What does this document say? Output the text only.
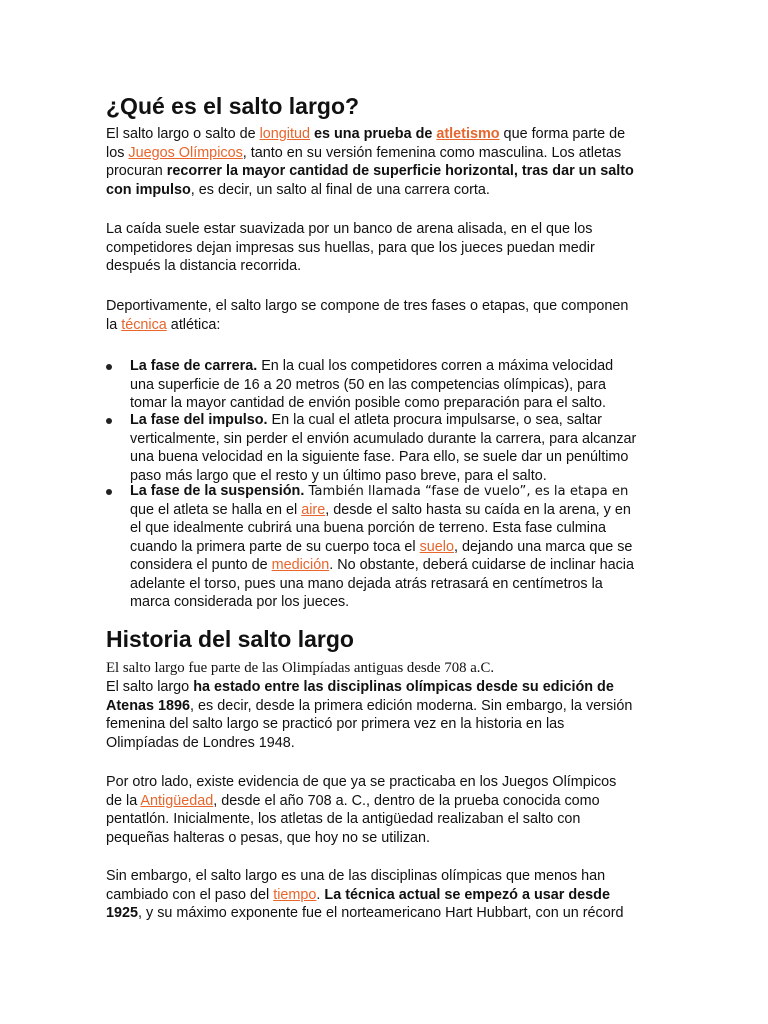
¿Qué es el salto largo?
El salto largo o salto de longitud es una prueba de atletismo que forma parte de
los Juegos Olímpicos, tanto en su versión femenina como masculina. Los atletas
procuran recorrer la mayor cantidad de superficie horizontal, tras dar un salto
con impulso, es decir, un salto al final de una carrera corta.
La caída suele estar suavizada por un banco de arena alisada, en el que los
competidores dejan impresas sus huellas, para que los jueces puedan medir
después la distancia recorrida.
Deportivamente, el salto largo se compone de tres fases o etapas, que componen
la técnica atlética:
La fase de carrera. En la cual los competidores corren a máxima velocidad
una superficie de 16 a 20 metros (50 en las competencias olímpicas), para
tomar la mayor cantidad de envión posible como preparación para el salto.
La fase del impulso. En la cual el atleta procura impulsarse, o sea, saltar
verticalmente, sin perder el envión acumulado durante la carrera, para alcanzar
una buena velocidad en la siguiente fase. Para ello, se suele dar un penúltimo
paso más largo que el resto y un último paso breve, para el salto.
La fase de la suspensión. También llamada “fase de vuelo”, es la etapa en
que el atleta se halla en el aire, desde el salto hasta su caída en la arena, y en
el que idealmente cubrirá una buena porción de terreno. Esta fase culmina
cuando la primera parte de su cuerpo toca el suelo, dejando una marca que se
considera el punto de medición. No obstante, deberá cuidarse de inclinar hacia
adelante el torso, pues una mano dejada atrás retrasará en centímetros la
marca considerada por los jueces.
Historia del salto largo
El salto largo fue parte de las Olimpíadas antiguas desde 708 a.C.
El salto largo ha estado entre las disciplinas olímpicas desde su edición de
Atenas 1896, es decir, desde la primera edición moderna. Sin embargo, la versión
femenina del salto largo se practicó por primera vez en la historia en las
Olimpíadas de Londres 1948.
Por otro lado, existe evidencia de que ya se practicaba en los Juegos Olímpicos
de la Antigüedad, desde el año 708 a. C., dentro de la prueba conocida como
pentatlón. Inicialmente, los atletas de la antigüedad realizaban el salto con
pequeñas halteras o pesas, que hoy no se utilizan.
Sin embargo, el salto largo es una de las disciplinas olímpicas que menos han
cambiado con el paso del tiempo. La técnica actual se empezó a usar desde
1925, y su máximo exponente fue el norteamericano Hart Hubbart, con un récord
